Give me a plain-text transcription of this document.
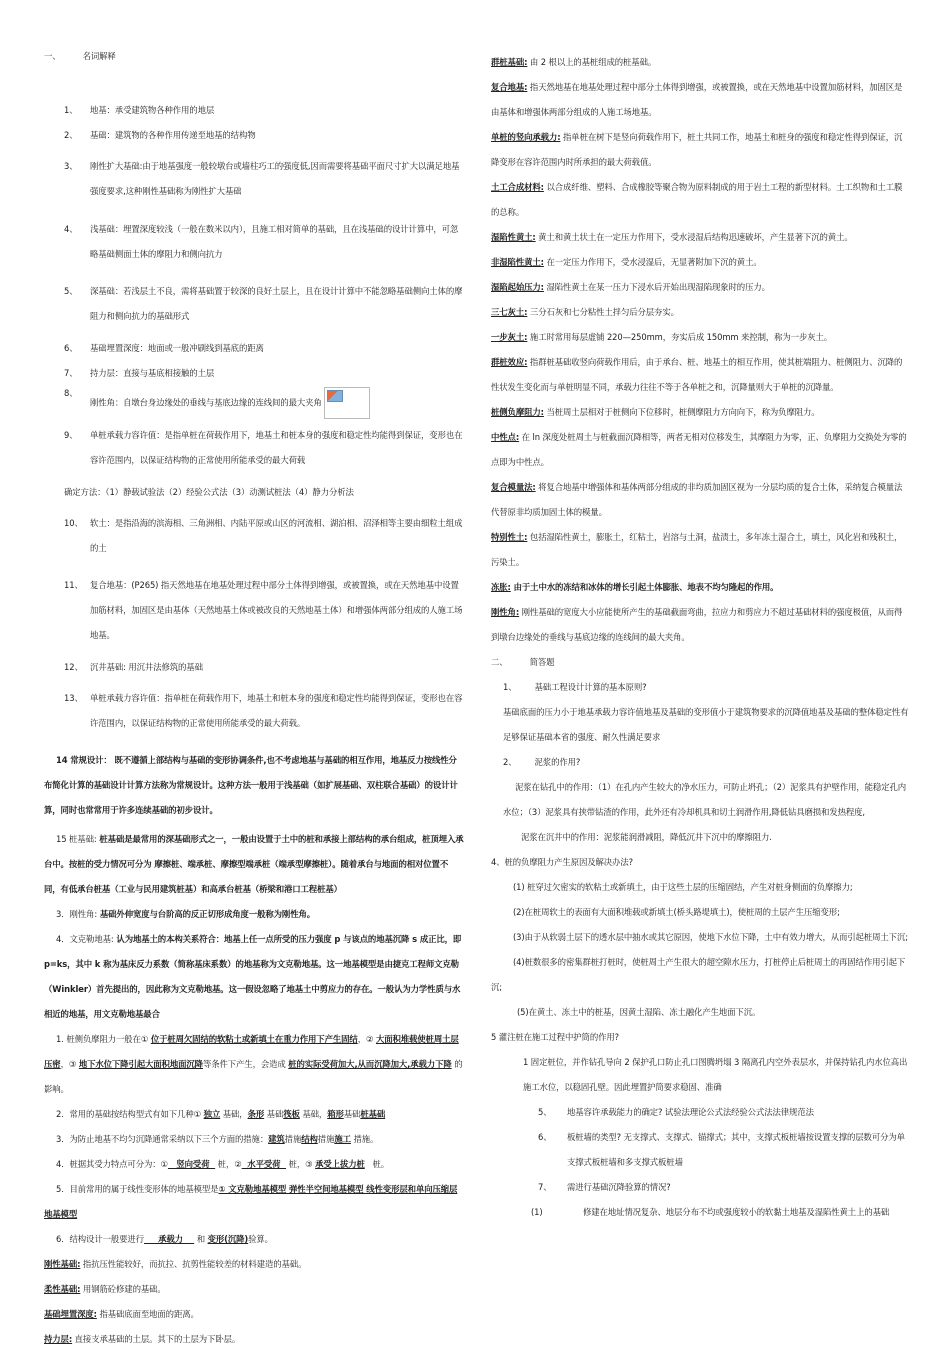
一、	名词解释
1、 地基：承受建筑物各种作用的地层
2、 基础：建筑物的各种作用传递至地基的结构物
3、 刚性扩大基础:由于地基强度一般较墩台或墙柱巧工的强度低,因而需要将基础平面尺寸扩大以满足地基强度要求,这种刚性基础称为刚性扩大基础
4、 浅基础：埋置深度较浅（一般在数米以内），且施工相对简单的基础，且在浅基础的设计计算中，可忽略基础侧面土体的摩阻力和侧向抗力
5、 深基础：若浅层土不良，需将基础置于较深的良好土层上，且在设计计算中不能忽略基础侧向土体的摩阻力和侧向抗力的基础形式
6、 基础埋置深度：地面或一般冲刷线到基底的距离
7、 持力层：直接与基底相接触的土层
8、
刚性角：自墩台身边缘处的垂线与基底边缘的连线间的最大夹角
9、 单桩承载力容许值：是指单桩在荷载作用下，地基土和桩本身的强度和稳定性均能得到保证，变形也在容许范围内，以保证结构物的正常使用所能承受的最大荷载
确定方法：（1）静载试验法（2）经验公式法（3）动测试桩法（4）静力分析法
10、 软土：是指沿海的滨海相、三角洲相、内陆平原或山区的河流相、湖泊相、沼泽相等主要由细粒土组成的土
11、 复合地基：(P265) 指天然地基在地基处理过程中部分土体得到增强，或被置换，或在天然地基中设置加筋材料，加固区是由基体（天然地基土体或被改良的天然地基土体）和增强体两部分组成的人施工场地基。
12、 沉井基础: 用沉井法修筑的基础
13、 单桩承载力容许值：指单桩在荷载作用下，地基土和桩本身的强度和稳定性均能得到保证，变形也在容许范围内，以保证结构物的正常使用所能承受的最大荷载。
14 常规设计： 既不遵循上部结构与基础的变形协调条件,也不考虑地基与基础的相互作用，地基反力按线性分布简化计算的基础设计计算方法称为常规设计。这种方法一般用于浅基础（如扩展基础、双柱联合基础）的设计计算，同时也常常用于许多连续基础的初步设计。
15 桩基础: 桩基础是最常用的深基础形式之一，一般由设置于土中的桩和承接上部结构的承台组成，桩顶埋入承台中。按桩的受力情况可分为 摩擦桩、端承桩、摩擦型端承桩（端承型摩擦桩）。随着承台与地面的相对位置不同，有低承台桩基（工业与民用建筑桩基）和高承台桩基（桥梁和港口工程桩基）
3．刚性角: 基础外伸宽度与台阶高的反正切形成角度一般称为刚性角。
4．文克勒地基: 认为地基土的本构关系符合：地基上任一点所受的压力强度 p 与该点的地基沉降 s 成正比，即 p=ks，其中 k 称为基床反力系数（简称基床系数）的地基称为文克勒地基。这一地基模型是由捷克工程师文克勒（Winkler）首先提出的，因此称为文克勒地基。这一假设忽略了地基土中剪应力的存在。一般认为力学性质与水相近的地基，用文克勒地基最合
1. 桩侧负摩阻力一般在① 位于桩周欠固结的软粘土或新填土在重力作用下产生固结，② 大面积堆载使桩周土层压密，③ 地下水位下降引起大面积地面沉降等条件下产生，会造成 桩的实际受荷加大,从而沉降加大,承载力下降 的影响。
2．常用的基础按结构型式有如下几种① 独立 基础，条形 基础筏板 基础，箱形基础桩基础
3．为防止地基不均匀沉降通常采纳以下三个方面的措施：建筑措施结构措施施工 措施。
4．桩据其受力特点可分为：①   竖向受荷   桩，②  水平受荷   桩，③ 承受上拔力桩   桩。
5．目前常用的属于线性变形体的地基模型是① 文克勒地基模型 弹性半空间地基模型 线性变形层和单向压缩层地基模型
6．结构设计一般要进行     承载力     和 变形(沉降)验算。
刚性基础: 指抗压性能较好，而抗拉、抗剪性能较差的材料建造的基础。
柔性基础: 用钢筋砼修建的基础。
基础埋置深度: 指基础底面至地面的距离。
持力层: 直接支承基础的土层。其下的土层为下卧层。
群桩基础: 由 2 根以上的基桩组成的桩基础。
复合地基: 指天然地基在地基处理过程中部分土体得到增强，或被置换，或在天然地基中设置加筋材料，加固区是由基体和增强体两部分组成的人施工场地基。
单桩的竖向承载力: 指单桩在树下是竖向荷载作用下，桩土共同工作，地基土和桩身的强度和稳定性得到保证，沉降变形在容许范围内时所承担的最大荷载值。
土工合成材料: 以合成纤维、塑料、合成橡胶等聚合物为原料制成的用于岩土工程的新型材料。土工织物和土工膜的总称。
湿陷性黄土: 黄土和黄土状土在一定压力作用下，受水浸湿后结构迅速破坏，产生显著下沉的黄土。
非湿陷性黄土: 在一定压力作用下，受水浸湿后，无显著附加下沉的黄土。
湿陷起始压力: 湿陷性黄土在某一压力下浸水后开始出现湿陷现象时的压力。
三七灰土: 三分石灰和七分粘性土拌匀后分层夯实。
一步灰土: 施工时常用每层虚铺 220—250mm，夯实后成 150mm 来控制，称为一步灰土。
群桩效应: 指群桩基础收竖向荷载作用后，由于承台、桩、地基土的相互作用，使其桩端阻力、桩侧阻力、沉降的性状发生变化而与单桩明显不同，承载力往往不等于各单桩之和，沉降量则大于单桩的沉降量。
桩侧负摩阻力: 当桩周土层相对于桩侧向下位移时，桩侧摩阻力方向向下，称为负摩阻力。
中性点: 在 ln 深度处桩周土与桩截面沉降相等，两者无相对位移发生，其摩阻力为零，正、负摩阻力交换处为零的点即为中性点。
复合模量法: 将复合地基中增强体和基体两部分组成的非均质加固区视为一分层均质的复合土体，采纳复合模量法代替原非均质加固土体的模量。
特别性土: 包括湿陷性黄土，膨胀土，红粘土，岩溶与土洞，盐渍土，多年冻土湿合土，填土，风化岩和残积土，污染土。
冻胀: 由于土中水的冻结和冰体的增长引起土体膨胀、地表不均匀隆起的作用。
刚性角: 刚性基础的宽度大小应能使所产生的基础截面弯曲，拉应力和剪应力不超过基础材料的强度极值，从而得到墩台边缘处的垂线与基底边缘的连线间的最大夹角。
二、	简答题
1、 基础工程设计计算的基本原则?
基础底面的压力小于地基承载力容许值地基及基础的变形值小于建筑物要求的沉降值地基及基础的整体稳定性有足够保证基础本省的强度、耐久性满足要求
2、 泥浆的作用?
泥浆在钻孔中的作用：（1）在孔内产生较大的净水压力，可防止坍孔；（2）泥浆具有护壁作用，能稳定孔内水位；（3）泥浆具有挟带钻渣的作用，此外还有冷却机具和切土润滑作用,降低钻具磨损和发热程度,
泥浆在沉井中的作用：泥浆能润滑减阻，降低沉井下沉中的摩擦阻力.
4、桩的负摩阻力产生原因及解决办法?
(1) 桩穿过欠密实的软粘土或新填土，由于这些土层的压缩固结，产生对桩身侧面的负摩擦力;
(2)在桩周软土的表面有大面积堆载或新填土(桥头路堤填土)，使桩周的土层产生压缩变形;
(3)由于从软弱土层下的透水层中抽水或其它原因，使地下水位下降，土中有效力增大，从而引起桩周土下沉;
(4)桩数很多的密集群桩打桩时，使桩周土产生很大的超空隙水压力，打桩停止后桩周土的再固结作用引起下沉;
(5)在黄土、冻土中的桩基，因黄土湿陷、冻土融化产生地面下沉。
5 灌注桩在施工过程中护筒的作用?
1 固定桩位，并作钻孔导向 2 保护孔口防止孔口图腾坍塌 3 隔离孔内空外表层水，并保持钻孔内水位高出施工水位，以稳固孔壁。因此埋置护筒要求稳固、准确
5、 地基容许承载能力的确定? 试验法理论公式法经验公式法法律规范法
6、 板桩墙的类型? 无支撑式、支撑式、锚撑式；其中，支撑式板桩墙按设置支撑的层数可分为单支撑式板桩墙和多支撑式板桩墙
7、 需进行基础沉降验算的情况?
(1)	修建在地址情况复杂、地层分布不均或强度较小的软黏土地基及湿陷性黄土上的基础
